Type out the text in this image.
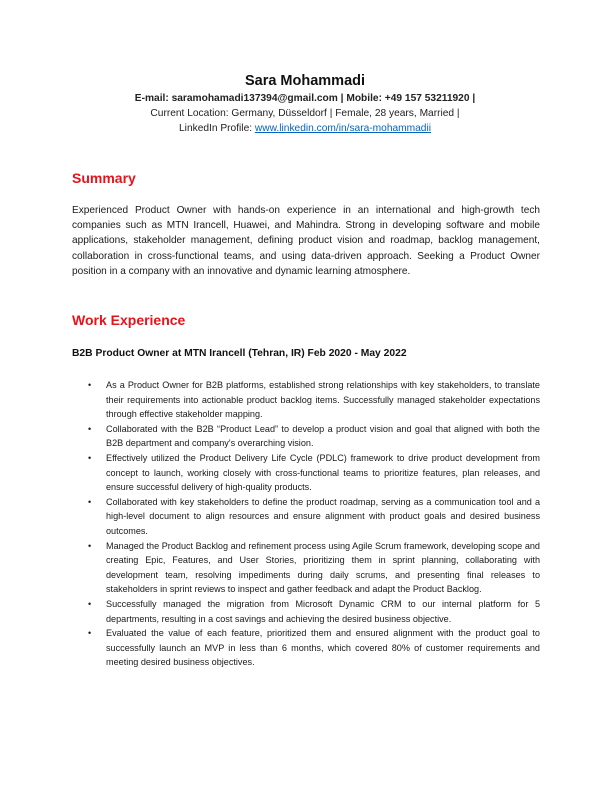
Sara Mohammadi
E-mail: saramohamadi137394@gmail.com | Mobile: +49 157 53211920 |
Current Location: Germany, Düsseldorf | Female, 28 years, Married |
LinkedIn Profile: www.linkedin.com/in/sara-mohammadii
Summary
Experienced Product Owner with hands-on experience in an international and high-growth tech companies such as MTN Irancell, Huawei, and Mahindra. Strong in developing software and mobile applications, stakeholder management, defining product vision and roadmap, backlog management, collaboration in cross-functional teams, and using data-driven approach. Seeking a Product Owner position in a company with an innovative and dynamic learning atmosphere.
Work Experience
B2B Product Owner at MTN Irancell (Tehran, IR) Feb 2020 - May 2022
• As a Product Owner for B2B platforms, established strong relationships with key stakeholders, to translate their requirements into actionable product backlog items. Successfully managed stakeholder expectations through effective stakeholder mapping.
• Collaborated with the B2B “Product Lead” to develop a product vision and goal that aligned with both the B2B department and company's overarching vision.
• Effectively utilized the Product Delivery Life Cycle (PDLC) framework to drive product development from concept to launch, working closely with cross-functional teams to prioritize features, plan releases, and ensure successful delivery of high-quality products.
• Collaborated with key stakeholders to define the product roadmap, serving as a communication tool and a high-level document to align resources and ensure alignment with product goals and desired business outcomes.
• Managed the Product Backlog and refinement process using Agile Scrum framework, developing scope and creating Epic, Features, and User Stories, prioritizing them in sprint planning, collaborating with development team, resolving impediments during daily scrums, and presenting final releases to stakeholders in sprint reviews to inspect and gather feedback and adapt the Product Backlog.
• Successfully managed the migration from Microsoft Dynamic CRM to our internal platform for 5 departments, resulting in a cost savings and achieving the desired business objective.
• Evaluated the value of each feature, prioritized them and ensured alignment with the product goal to successfully launch an MVP in less than 6 months, which covered 80% of customer requirements and meeting desired business objectives.
